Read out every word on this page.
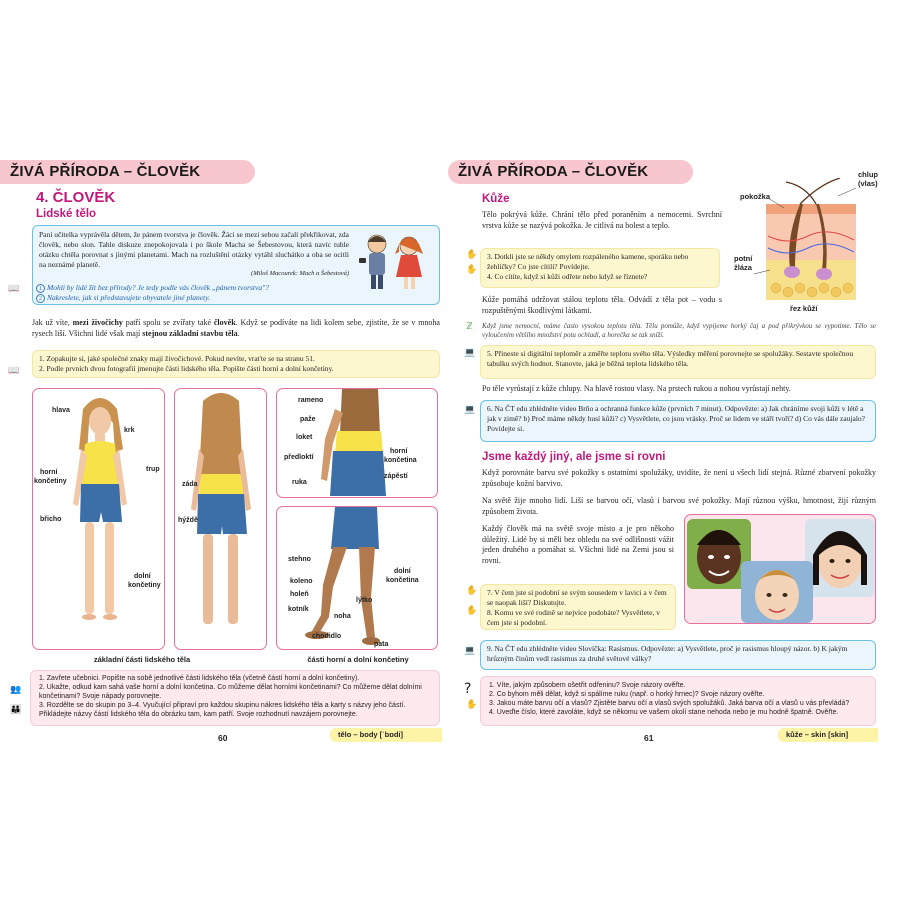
ŽIVÁ PŘÍRODA – ČLOVĚK
4. ČLOVĚK
Lidské tělo
Paní učitelka vyprávěla dětem, že pánem tvorstva je člověk. Žáci se mezi sebou začali překřikovat, zda člověk, nebo slon. Tahle diskuze znepokojovala i po škole Macha se Šebestovou, která navíc tuhle otázku chtěla porovnat s jinými planetami. Mach na rozluštění otázky vytáhl sluchátko a oba se ocitli na neznámé planetě.
(Miloš Macourek: Mach a Šebestová)
📖	1 Mohli by lidé žít bez přírody? Je tedy podle vás člověk „pánem tvorstva"?
2 Nakreslete, jak si představujete obyvatele jiné planety.
Jak už víte, mezi živočichy patří spolu se zvířaty také člověk. Když se podíváte na lidi kolem sebe, zjistíte, že se v mnoha rysech liší. Všichni lidé však mají stejnou základní stavbu těla.
📖
1. Zopakujte si, jaké společné znaky mají živočichové. Pokud nevíte, vraťte se na stranu 51.
2. Podle prvních dvou fotografií jmenujte části lidského těla. Popište části horní a dolní končetiny.
hlava
krk
trup
horní
končetiny
břicho
dolní
končetiny
záda
hýždě
rameno
paže
loket
předloktí
ruka
horní
končetina
zápěstí
stehno
koleno
holeň
kotník
lýtko
noha
chodidlo
pata
dolní
končetina
základní části lidského těla	části horní a dolní končetiny
👥
👪
1. Zavřete učebnici. Popište na sobě jednotlivé části lidského těla (včetně částí horní a dolní končetiny).
2. Ukažte, odkud kam sahá vaše horní a dolní končetina. Co můžeme dělat horními končetinami? Co můžeme dělat dolními končetinami? Svoje nápady porovnejte.
3. Rozdělte se do skupin po 3–4. Vyučující připraví pro každou skupinu nákres lidského těla a karty s názvy jeho částí. Přikládejte názvy částí lidského těla do obrázku tam, kam patří. Svoje rozhodnutí navzájem porovnejte.
60	tělo – body [ˈbɒdi]
ŽIVÁ PŘÍRODA – ČLOVĚK
Kůže
Tělo pokrývá kůže. Chrání tělo před poraněním a nemocemi. Svrchní vrstva kůže se nazývá pokožka. Je citlivá na bolest a teplo.
✋
✋
3. Dotkli jste se někdy omylem rozpáleného kamene, sporáku nebo žehličky? Co jste cítili? Povídejte.
4. Co cítíte, když si kůži odřete nebo když se říznete?
chlup
(vlas)
pokožka
potní
žláza
řez kůží
Kůže pomáhá udržovat stálou teplotu těla. Odvádí z těla pot – vodu s rozpuštěnými škodlivými látkami.
ℤ Když jsme nemocní, máme často vysokou teplotu těla. Tělu pomůže, když vypijeme horký čaj a pod přikrývkou se vypotíme. Tělo se vyloučením většího množství potu ochladí, a horečka se tak sníží.
💻	5. Přineste si digitální teploměr a změřte teplotu svého těla. Výsledky měření porovnejte se spolužáky. Sestavte společnou tabulku svých hodnot. Stanovte, jaká je běžná teplota lidského těla.
Po těle vyrůstají z kůže chlupy. Na hlavě rostou vlasy. Na prstech rukou a nohou vyrůstají nehty.
💻	6. Na ČT edu zhlédněte video Brňo a ochranná funkce kůže (prvních 7 minut). Odpovězte: a) Jak chráníme svoji kůži v létě a jak v zimě? b) Proč máme někdy husí kůži? c) Vysvětlete, co jsou vrásky. Proč se lidem ve stáří tvoří? d) Co vás dále zaujalo? Povídejte si.
Jsme každý jiný, ale jsme si rovni
Když porovnáte barvu své pokožky s ostatními spolužáky, uvidíte, že není u všech lidí stejná. Různé zbarvení pokožky způsobuje kožní barvivo.
Na světě žije mnoho lidí. Liší se barvou očí, vlasů i barvou své pokožky. Mají různou výšku, hmotnost, žijí různým způsobem života.
Každý člověk má na světě svoje místo a je pro někoho důležitý. Lidé by si měli bez ohledu na své odlišnosti vážit jeden druhého a pomáhat si. Všichni lidé na Zemi jsou si rovni.
✋
✋
7. V čem jste si podobní se svým sousedem v lavici a v čem se naopak liší? Diskutujte.
8. Komu ve své rodině se nejvíce podobáte? Vysvětlete, v čem jste si podobní.
💻	9. Na ČT edu zhlédněte video Slovíčka: Rasismus. Odpovězte: a) Vysvětlete, proč je rasismus hloupý názor. b) K jakým hrůzným činům vedl rasismus za druhé světové války?
?
✋
1. Víte, jakým způsobem ošetřit odřeninu? Svoje názory ověřte.
2. Co byhom měli dělat, když si spálíme ruku (např. o horký hrnec)? Svoje názory ověřte.
3. Jakou máte barvu očí a vlasů? Zjistěte barvu očí a vlasů svých spolužáků. Jaká barva očí a vlasů u vás převládá?
4. Uveďte číslo, které zavoláte, když se někomu ve vašem okolí stane nehoda nebo je mu hodně špatně. Ověřte.
61	kůže – skin [skin]
